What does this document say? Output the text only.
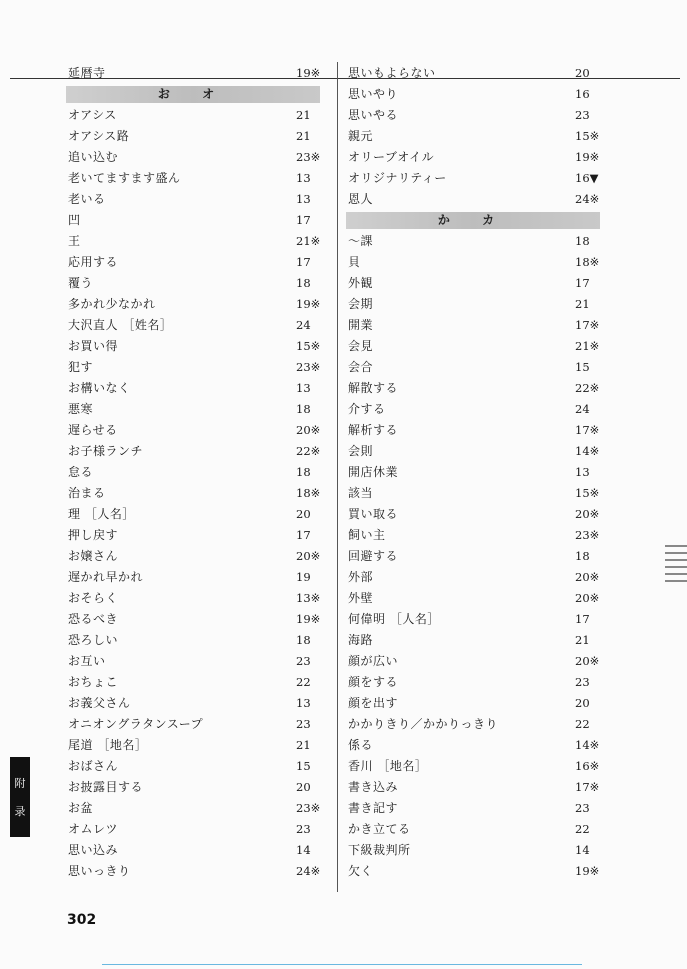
延暦寺	19※
お オ
オアシス	21
オアシス路	21
追い込む	23※
老いてますます盛ん	13
老いる	13
凹	17
王	21※
応用する	17
覆う	18
多かれ少なかれ	19※
大沢直人 ［姓名］	24
お買い得	15※
犯す	23※
お構いなく	13
悪寒	18
遅らせる	20※
お子様ランチ	22※
怠る	18
治まる	18※
理 ［人名］	20
押し戻す	17
お嬢さん	20※
遅かれ早かれ	19
おそらく	13※
恐るべき	19※
恐ろしい	18
お互い	23
おちょこ	22
お義父さん	13
オニオングラタンスープ	23
尾道 ［地名］	21
おばさん	15
お披露目する	20
お盆	23※
オムレツ	23
思い込み	14
思いっきり	24※
思いもよらない	20
思いやり	16
思いやる	23
親元	15※
オリーブオイル	19※
オリジナリティー	16▼
恩人	24※
か カ
～課	18
貝	18※
外観	17
会期	21
開業	17※
会見	21※
会合	15
解散する	22※
介する	24
解析する	17※
会則	14※
開店休業	13
該当	15※
買い取る	20※
飼い主	23※
回避する	18
外部	20※
外壁	20※
何偉明 ［人名］	17
海路	21
顔が広い	20※
顔をする	23
顔を出す	20
かかりきり／かかりっきり	22
係る	14※
香川 ［地名］	16※
書き込み	17※
書き記す	23
かき立てる	22
下級裁判所	14
欠く	19※
附
录
302
